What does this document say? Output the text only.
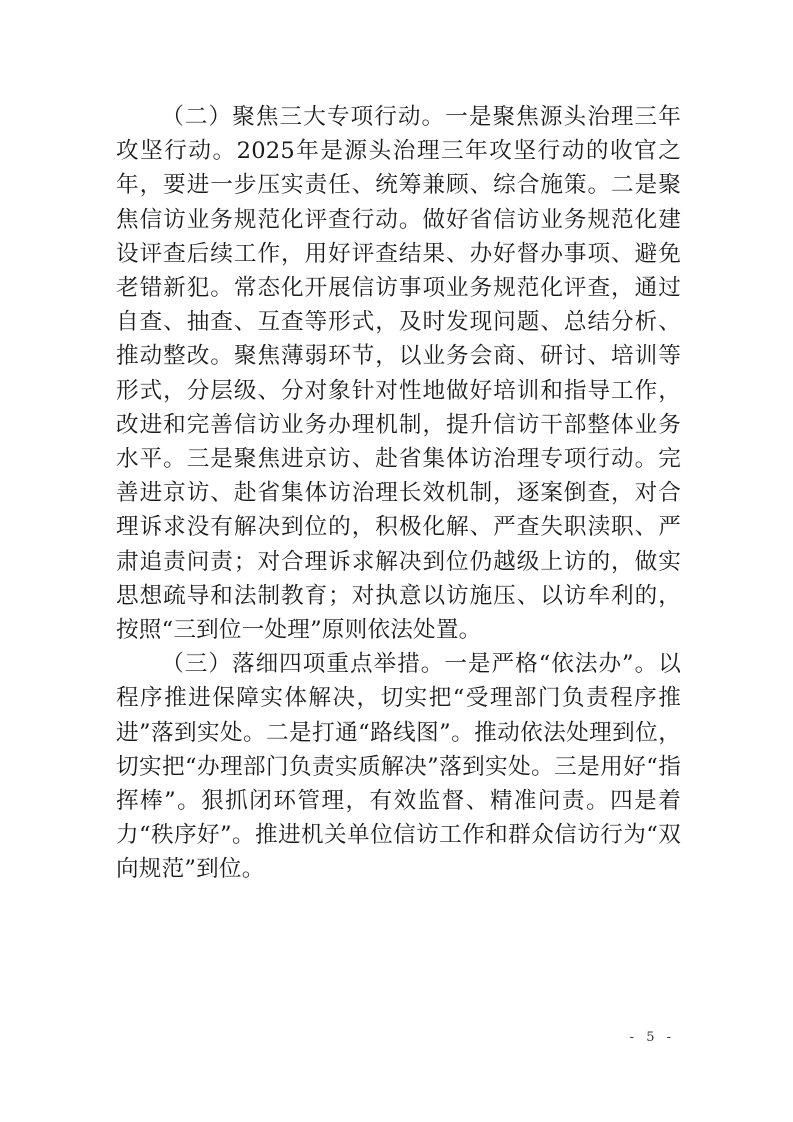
（二）聚焦三大专项行动。一是聚焦源头治理三年攻坚行动。2025年是源头治理三年攻坚行动的收官之年，要进一步压实责任、统筹兼顾、综合施策。二是聚焦信访业务规范化评查行动。做好省信访业务规范化建设评查后续工作，用好评查结果、办好督办事项、避免老错新犯。常态化开展信访事项业务规范化评查，通过自查、抽查、互查等形式，及时发现问题、总结分析、推动整改。聚焦薄弱环节，以业务会商、研讨、培训等形式，分层级、分对象针对性地做好培训和指导工作，改进和完善信访业务办理机制，提升信访干部整体业务水平。三是聚焦进京访、赴省集体访治理专项行动。完善进京访、赴省集体访治理长效机制，逐案倒查，对合理诉求没有解决到位的，积极化解、严查失职渎职、严肃追责问责；对合理诉求解决到位仍越级上访的，做实思想疏导和法制教育；对执意以访施压、以访牟利的，按照“三到位一处理”原则依法处置。

（三）落细四项重点举措。一是严格“依法办”。以程序推进保障实体解决，切实把“受理部门负责程序推进”落到实处。二是打通“路线图”。推动依法处理到位，切实把“办理部门负责实质解决”落到实处。三是用好“指挥棒”。狠抓闭环管理，有效监督、精准问责。四是着力“秩序好”。推进机关单位信访工作和群众信访行为“双向规范”到位。

- 5 -
